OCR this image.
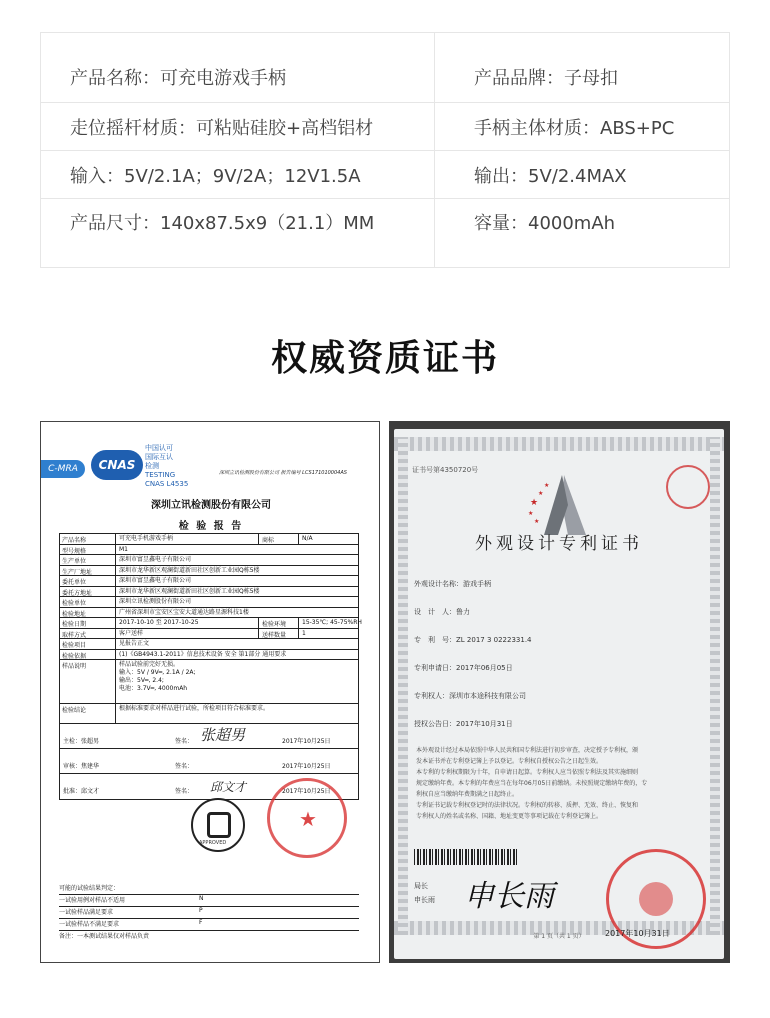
产品名称：可充电游戏手柄	产品品牌：子母扣
走位摇杆材质：可粘贴硅胶+高档铝材	手柄主体材质：ABS+PC
输入：5V/2.1A；9V/2A；12V1.5A	输出：5V/2.4MAX
产品尺寸：140x87.5x9（21.1）MM	容量：4000mAh
权威资质证书
C-MRA	CNAS
中国认可
国际互认
检测
TESTING
CNAS L4535
深圳立讯检测股份有限公司 报告编号 LCS171010004AS
深圳立讯检测股份有限公司
检 验 报 告
产品名称	可充电手机游戏手柄	商标	N/A
型号规格	M1
生产单位	深圳市富昱鑫电子有限公司
生产厂地址	深圳市龙华新区观澜街道新田社区创新工业园Q栋5楼
委托单位	深圳市富昱鑫电子有限公司
委托方地址	深圳市龙华新区观澜街道新田社区创新工业园Q栋5楼
检验单位	深圳立讯检测股份有限公司
检验地址	广州省深圳市宝安区宝安大道通达路星源科技1楼
检验日期	2017-10-10 至 2017-10-25	检验环境	15-35℃; 45-75%RH
取样方式	客户送样	送样数量	1
检验项目	见报告正文
检验依据	(1)《GB4943.1-2011》信息技术设备 安全 第1部分 通用要求
样品说明	样品试验前完好无损。
输入：5V / 9V═, 2.1A / 2A;
输出：5V═, 2.4;
电池：3.7V═, 4000mAh
检验结论	根据标准要求对样品进行试验，所检项目符合标准要求。
主检：张超男	签名： 张超男	2017年10月25日
审核：焦建华	签名：	2017年10月25日
批准：邱文才	签名： 邱文才	2017年10月25日
APPROVED
★
可能的试验结果判定：
一试验用例对样品不适用	N
一试验样品满足要求	P
一试验样品不满足要求	F
备注：一本测试结果仅对样品负责
证书号第4350720号
★
★
★
★
★
外观设计专利证书
外观设计名称：游戏手柄
设　计　人：鲁力
专　利　号：ZL 2017 3 0222331.4
专利申请日：2017年06月05日
专利权人：深圳市本途科技有限公司
授权公告日：2017年10月31日
本外观设计经过本局依照中华人民共和国专利法进行初步审查，决定授予专利权，颁
发本证书并在专利登记簿上予以登记。专利权自授权公告之日起生效。
本专利的专利权期限为十年，自申请日起算。专利权人应当依照专利法及其实施细则
规定缴纳年费。本专利的年费应当在每年06月05日前缴纳。未按照规定缴纳年费的，专
利权自应当缴纳年费期满之日起终止。
专利证书记载专利权登记时的法律状况。专利权的转移、质押、无效、终止、恢复和
专利权人的姓名或名称、国籍、地址变更等事项记载在专利登记簿上。
局长
申长雨 申长雨
2017年10月31日
第 1 页（共 1 页）
